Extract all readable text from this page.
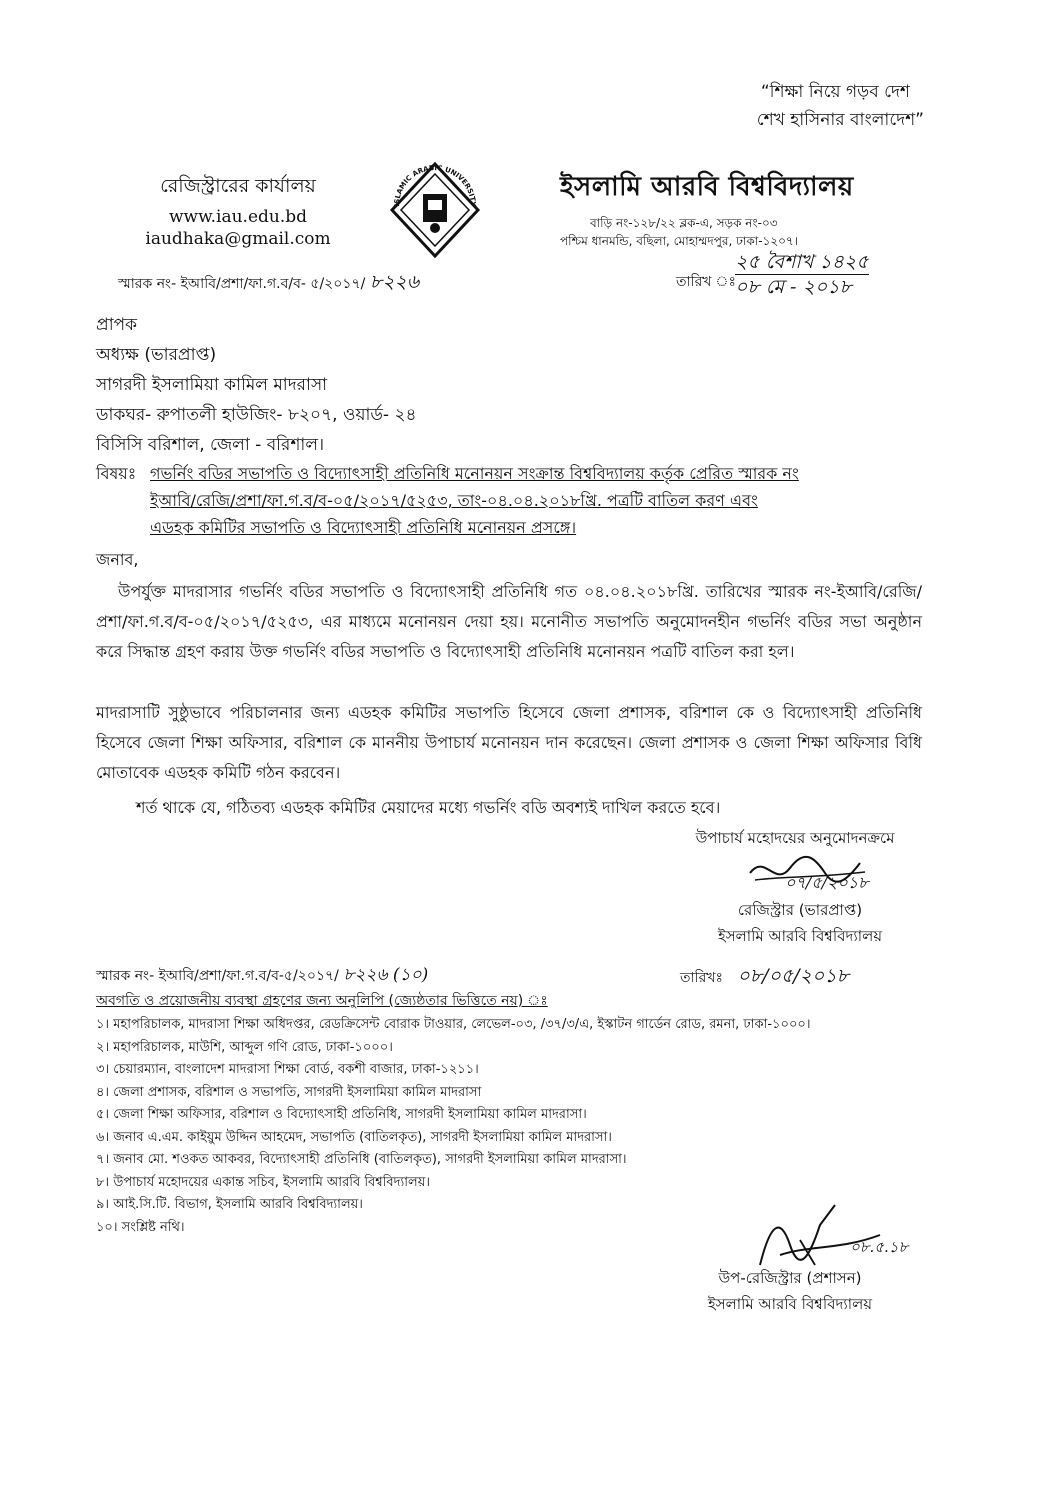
“শিক্ষা নিয়ে গড়ব দেশ
শেখ হাসিনার বাংলাদেশ”
রেজিস্ট্রারের কার্যালয়
www.iau.edu.bd
iaudhaka@gmail.com
ISLAMIC ARABIC UNIVERSITY
ইসলামি আরবি বিশ্ববিদ্যালয়
বাড়ি নং-১২৮/২২ ব্লক-এ, সড়ক নং-০৩
পশ্চিম ধানমন্ডি, বছিলা, মোহাম্মদপুর, ঢাকা-১২০৭।
স্মারক নং- ইআবি/প্রশা/ফা.গ.ব/ব- ৫/২০১৭/ ৮২২৬	তারিখ ঃ
২৫ বৈশাখ ১৪২৫
০৮ মে - ২০১৮
প্রাপক
অধ্যক্ষ (ভারপ্রাপ্ত)
সাগরদী ইসলামিয়া কামিল মাদরাসা
ডাকঘর- রুপাতলী হাউজিং- ৮২০৭, ওয়ার্ড- ২৪
বিসিসি বরিশাল, জেলা - বরিশাল।
বিষয়ঃ গভর্নিং বডির সভাপতি ও বিদ্যোৎসাহী প্রতিনিধি মনোনয়ন সংক্রান্ত বিশ্ববিদ্যালয় কর্তৃক প্রেরিত স্মারক নং
ইআবি/রেজি/প্রশা/ফা.গ.ব/ব-০৫/২০১৭/৫২৫৩, তাং-০৪.০৪.২০১৮খ্রি. পত্রটি বাতিল করণ এবং
এডহক কমিটির সভাপতি ও বিদ্যোৎসাহী প্রতিনিধি মনোনয়ন প্রসঙ্গে।
জনাব,
উপর্যুক্ত মাদরাসার গভর্নিং বডির সভাপতি ও বিদ্যোৎসাহী প্রতিনিধি গত ০৪.০৪.২০১৮খ্রি. তারিখের স্মারক নং-ইআবি/রেজি/প্রশা/ফা.গ.ব/ব-০৫/২০১৭/৫২৫৩, এর মাধ্যমে মনোনয়ন দেয়া হয়। মনোনীত সভাপতি অনুমোদনহীন গভর্নিং বডির সভা অনুষ্ঠান করে সিদ্ধান্ত গ্রহণ করায় উক্ত গভর্নিং বডির সভাপতি ও বিদ্যোৎসাহী প্রতিনিধি মনোনয়ন পত্রটি বাতিল করা হল।
মাদরাসাটি সুষ্ঠুভাবে পরিচালনার জন্য এডহক কমিটির সভাপতি হিসেবে জেলা প্রশাসক, বরিশাল কে ও বিদ্যোৎসাহী প্রতিনিধি হিসেবে জেলা শিক্ষা অফিসার, বরিশাল কে মাননীয় উপাচার্য মনোনয়ন দান করেছেন। জেলা প্রশাসক ও জেলা শিক্ষা অফিসার বিধি মোতাবেক এডহক কমিটি গঠন করবেন।
শর্ত থাকে যে, গঠিতব্য এডহক কমিটির মেয়াদের মধ্যে গভর্নিং বডি অবশ্যই দাখিল করতে হবে।
উপাচার্য মহোদয়ের অনুমোদনক্রমে
০৭/৫/২০১৮
রেজিস্ট্রার (ভারপ্রাপ্ত)
ইসলামি আরবি বিশ্ববিদ্যালয়
স্মারক নং- ইআবি/প্রশা/ফা.গ.ব/ব-৫/২০১৭/ ৮২২৬ (১০)	তারিখঃ ০৮/০৫/২০১৮
অবগতি ও প্রয়োজনীয় ব্যবস্থা গ্রহণের জন্য অনুলিপি (জ্যেষ্ঠতার ভিত্তিতে নয়) ঃ
১। মহাপরিচালক, মাদরাসা শিক্ষা অধিদপ্তর, রেডক্রিসেন্ট বোরাক টাওয়ার, লেভেল-০৩, /৩৭/৩/এ, ইস্কাটন গার্ডেন রোড, রমনা, ঢাকা-১০০০।
২। মহাপরিচালক, মাউশি, আব্দুল গণি রোড, ঢাকা-১০০০।
৩। চেয়ারম্যান, বাংলাদেশ মাদরাসা শিক্ষা বোর্ড, বকশী বাজার, ঢাকা-১২১১।
৪। জেলা প্রশাসক, বরিশাল ও সভাপতি, সাগরদী ইসলামিয়া কামিল মাদরাসা
৫। জেলা শিক্ষা অফিসার, বরিশাল ও বিদ্যোৎসাহী প্রতিনিধি, সাগরদী ইসলামিয়া কামিল মাদরাসা।
৬। জনাব এ.এম. কাইয়ুম উদ্দিন আহমেদ, সভাপতি (বাতিলকৃত), সাগরদী ইসলামিয়া কামিল মাদরাসা।
৭। জনাব মো. শওকত আকবর, বিদ্যোৎসাহী প্রতিনিধি (বাতিলকৃত), সাগরদী ইসলামিয়া কামিল মাদরাসা।
৮। উপাচার্য মহোদয়ের একান্ত সচিব, ইসলামি আরবি বিশ্ববিদ্যালয়।
৯। আই.সি.টি. বিভাগ, ইসলামি আরবি বিশ্ববিদ্যালয়।
১০। সংশ্লিষ্ট নথি।
০৮.৫.১৮
উপ-রেজিস্ট্রার (প্রশাসন)
ইসলামি আরবি বিশ্ববিদ্যালয়
